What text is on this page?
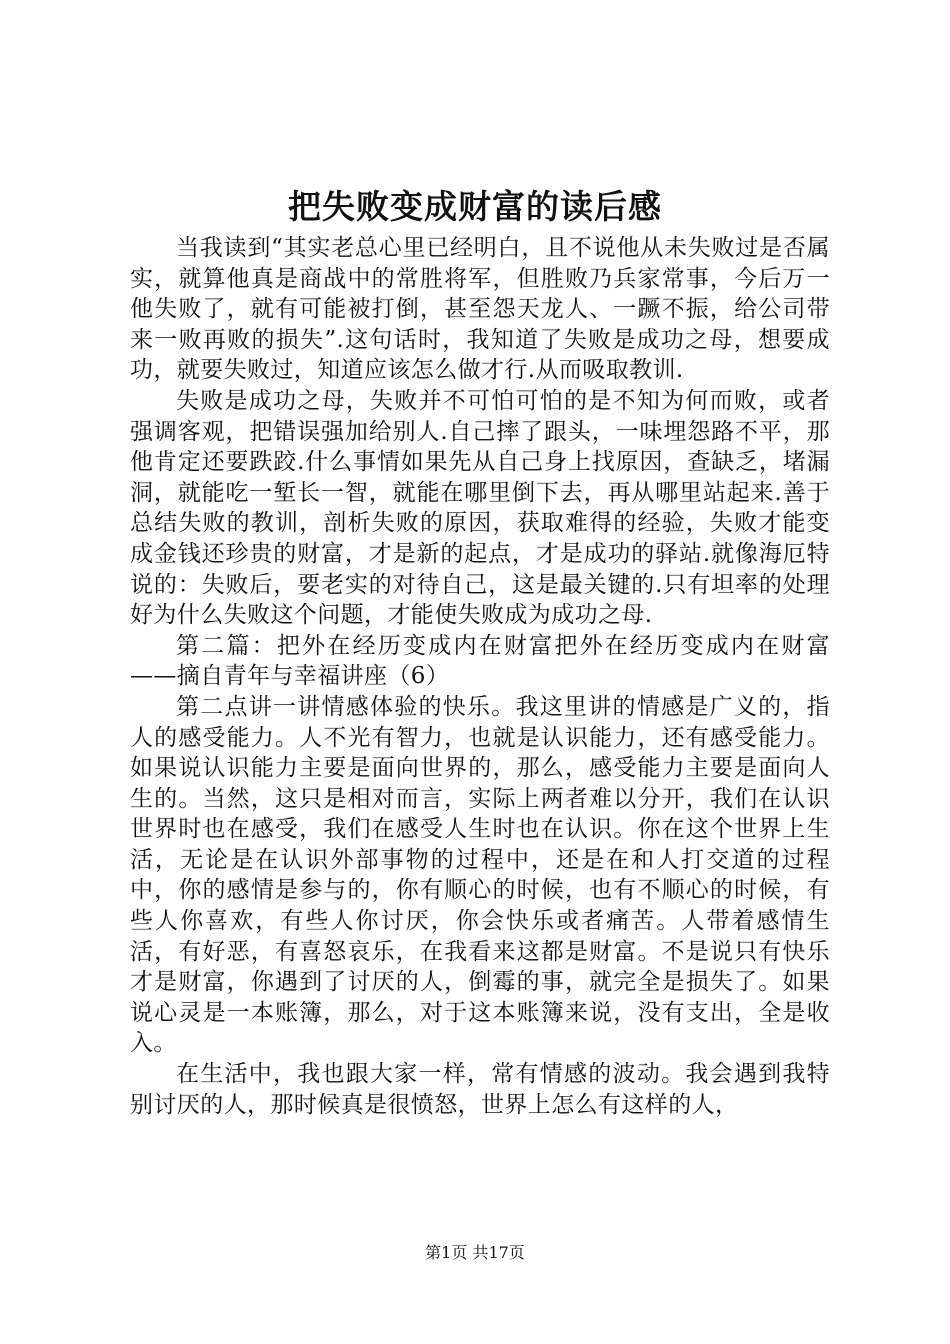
把失败变成财富的读后感

当我读到“其实老总心里已经明白，且不说他从未失败过是否属实，就算他真是商战中的常胜将军，但胜败乃兵家常事，今后万一他失败了，就有可能被打倒，甚至怨天龙人、一蹶不振，给公司带来一败再败的损失”.这句话时，我知道了失败是成功之母，想要成功，就要失败过，知道应该怎么做才行.从而吸取教训.

失败是成功之母，失败并不可怕可怕的是不知为何而败，或者强调客观，把错误强加给别人.自己摔了跟头，一味埋怨路不平，那他肯定还要跌跤.什么事情如果先从自己身上找原因，查缺乏，堵漏洞，就能吃一堑长一智，就能在哪里倒下去，再从哪里站起来.善于总结失败的教训，剖析失败的原因，获取难得的经验，失败才能变成金钱还珍贵的财富，才是新的起点，才是成功的驿站.就像海厄特说的：失败后，要老实的对待自己，这是最关键的.只有坦率的处理好为什么失败这个问题，才能使失败成为成功之母.

第二篇：把外在经历变成内在财富把外在经历变成内在财富——摘自青年与幸福讲座（6）

第二点讲一讲情感体验的快乐。我这里讲的情感是广义的，指人的感受能力。人不光有智力，也就是认识能力，还有感受能力。如果说认识能力主要是面向世界的，那么，感受能力主要是面向人生的。当然，这只是相对而言，实际上两者难以分开，我们在认识世界时也在感受，我们在感受人生时也在认识。你在这个世界上生活，无论是在认识外部事物的过程中，还是在和人打交道的过程中，你的感情是参与的，你有顺心的时候，也有不顺心的时候，有些人你喜欢，有些人你讨厌，你会快乐或者痛苦。人带着感情生活，有好恶，有喜怒哀乐，在我看来这都是财富。不是说只有快乐才是财富，你遇到了讨厌的人，倒霉的事，就完全是损失了。如果说心灵是一本账簿，那么，对于这本账簿来说，没有支出，全是收入。

在生活中，我也跟大家一样，常有情感的波动。我会遇到我特别讨厌的人，那时候真是很愤怒，世界上怎么有这样的人，

第1页 共17页
